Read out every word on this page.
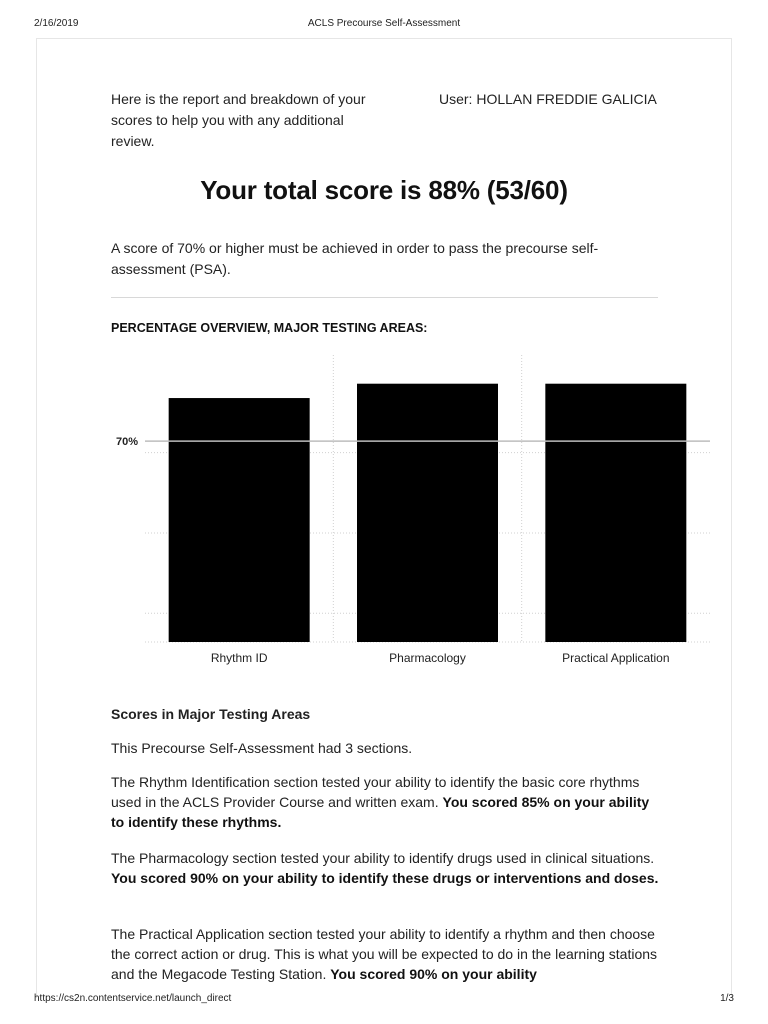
2/16/2019	ACLS Precourse Self-Assessment
Here is the report and breakdown of your scores to help you with any additional review.
User: HOLLAN FREDDIE GALICIA
Your total score is 88% (53/60)
A score of 70% or higher must be achieved in order to pass the precourse self-assessment (PSA).
PERCENTAGE OVERVIEW, MAJOR TESTING AREAS:
Rhythm ID	Pharmacology	Practical Application
70%
Scores in Major Testing Areas
This Precourse Self-Assessment had 3 sections.
The Rhythm Identification section tested your ability to identify the basic core rhythms used in the ACLS Provider Course and written exam. You scored 85% on your ability to identify these rhythms.
The Pharmacology section tested your ability to identify drugs used in clinical situations. You scored 90% on your ability to identify these drugs or interventions and doses.
The Practical Application section tested your ability to identify a rhythm and then choose the correct action or drug. This is what you will be expected to do in the learning stations and the Megacode Testing Station. You scored 90% on your ability
https://cs2n.contentservice.net/launch_direct	1/3
